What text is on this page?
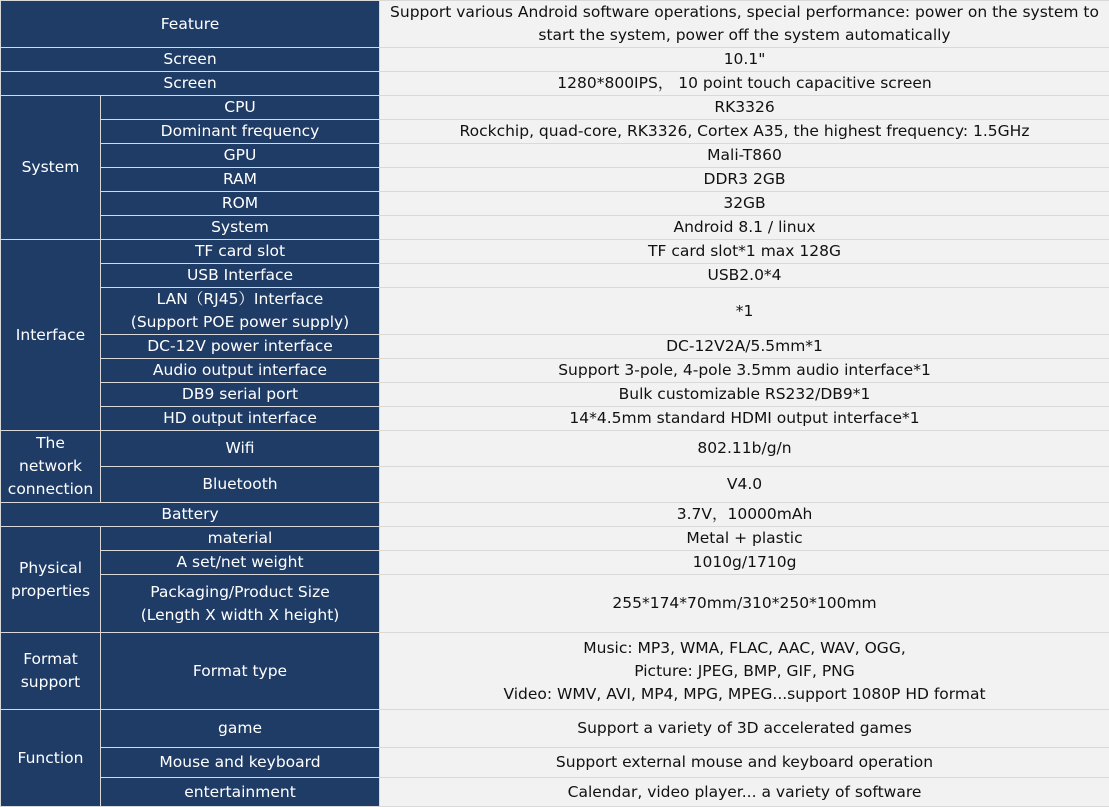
Feature		Support various Android software operations, special performance: power on the system to
start the system, power off the system automatically
Screen		10.1"
Screen		1280*800IPS， 10 point touch capacitive screen
System	CPU	RK3326
	Dominant frequency	Rockchip, quad-core, RK3326, Cortex A35, the highest frequency: 1.5GHz
	GPU	Mali-T860
	RAM	DDR3 2GB
	ROM	32GB
	System	Android 8.1 / linux
Interface	TF card slot	TF card slot*1 max 128G
	USB Interface	USB2.0*4
	LAN（RJ45）Interface
(Support POE power supply)	*1
	DC-12V power interface	DC-12V2A/5.5mm*1
	Audio output interface	Support 3-pole, 4-pole 3.5mm audio interface*1
	DB9 serial port	Bulk customizable RS232/DB9*1
	HD output interface	14*4.5mm standard HDMI output interface*1
The
network
connection	Wifi	802.11b/g/n
	Bluetooth	V4.0
Battery		3.7V，10000mAh
Physical
properties	material	Metal + plastic
	A set/net weight	1010g/1710g
	Packaging/Product Size
(Length X width X height)	255*174*70mm/310*250*100mm
Format
support	Format type	Music: MP3, WMA, FLAC, AAC, WAV, OGG,
Picture: JPEG, BMP, GIF, PNG
Video: WMV, AVI, MP4, MPG, MPEG...support 1080P HD format
Function	game	Support a variety of 3D accelerated games
	Mouse and keyboard	Support external mouse and keyboard operation
	entertainment	Calendar, video player... a variety of software
